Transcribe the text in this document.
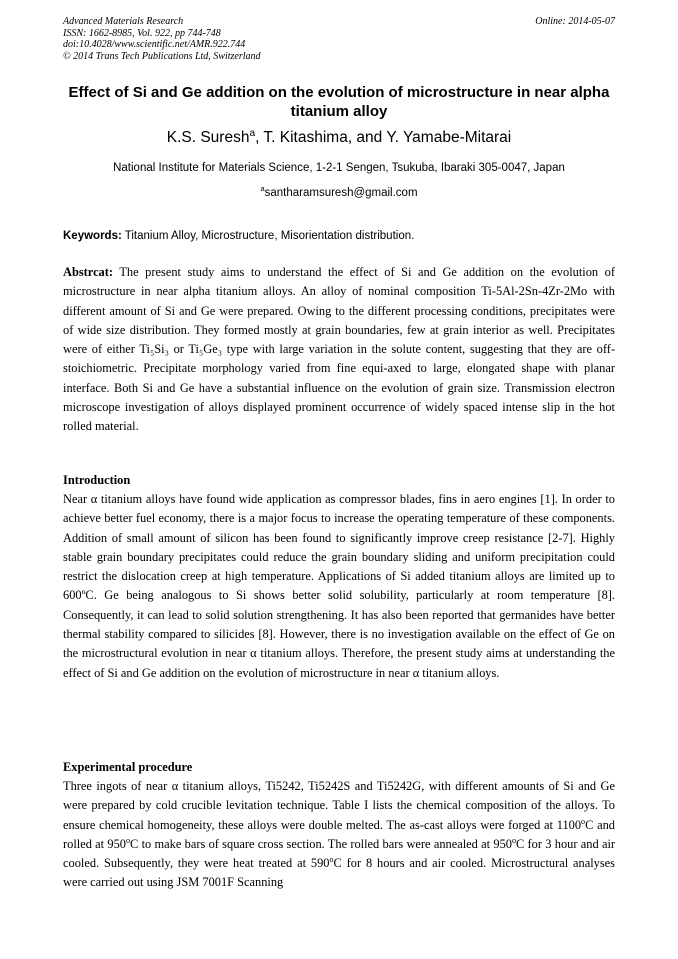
Advanced Materials Research
ISSN: 1662-8985, Vol. 922, pp 744-748
doi:10.4028/www.scientific.net/AMR.922.744
© 2014 Trans Tech Publications Ltd, Switzerland
Online: 2014-05-07
Effect of Si and Ge addition on the evolution of microstructure in near alpha titanium alloy
K.S. Suresh$^a$, T. Kitashima, and Y. Yamabe-Mitarai
National Institute for Materials Science, 1-2-1 Sengen, Tsukuba, Ibaraki 305-0047, Japan
$^a$santharamsuresh@gmail.com
Keywords: Titanium Alloy, Microstructure, Misorientation distribution.
Abstrcat: The present study aims to understand the effect of Si and Ge addition on the evolution of microstructure in near alpha titanium alloys. An alloy of nominal composition Ti-5Al-2Sn-4Zr-2Mo with different amount of Si and Ge were prepared. Owing to the different processing conditions, precipitates were of wide size distribution. They formed mostly at grain boundaries, few at grain interior as well. Precipitates were of either Ti₅Si₃ or Ti₅Ge₃ type with large variation in the solute content, suggesting that they are off-stoichiometric. Precipitate morphology varied from fine equi-axed to large, elongated shape with planar interface. Both Si and Ge have a substantial influence on the evolution of grain size. Transmission electron microscope investigation of alloys displayed prominent occurrence of widely spaced intense slip in the hot rolled material.
Introduction
Near α titanium alloys have found wide application as compressor blades, fins in aero engines [1]. In order to achieve better fuel economy, there is a major focus to increase the operating temperature of these components. Addition of small amount of silicon has been found to significantly improve creep resistance [2-7]. Highly stable grain boundary precipitates could reduce the grain boundary sliding and uniform precipitation could restrict the dislocation creep at high temperature. Applications of Si added titanium alloys are limited up to 600ºC. Ge being analogous to Si shows better solid solubility, particularly at room temperature [8]. Consequently, it can lead to solid solution strengthening. It has also been reported that germanides have better thermal stability compared to silicides [8]. However, there is no investigation available on the effect of Ge on the microstructural evolution in near α titanium alloys. Therefore, the present study aims at understanding the effect of Si and Ge addition on the evolution of microstructure in near α titanium alloys.
Experimental procedure
Three ingots of near α titanium alloys, Ti5242, Ti5242S and Ti5242G, with different amounts of Si and Ge were prepared by cold crucible levitation technique. Table I lists the chemical composition of the alloys. To ensure chemical homogeneity, these alloys were double melted. The as-cast alloys were forged at 1100$^o$C and rolled at 950$^o$C to make bars of square cross section. The rolled bars were annealed at 950$^o$C for 3 hour and air cooled. Subsequently, they were heat treated at 590$^o$C for 8 hours and air cooled. Microstructural analyses were carried out using JSM 7001F Scanning
